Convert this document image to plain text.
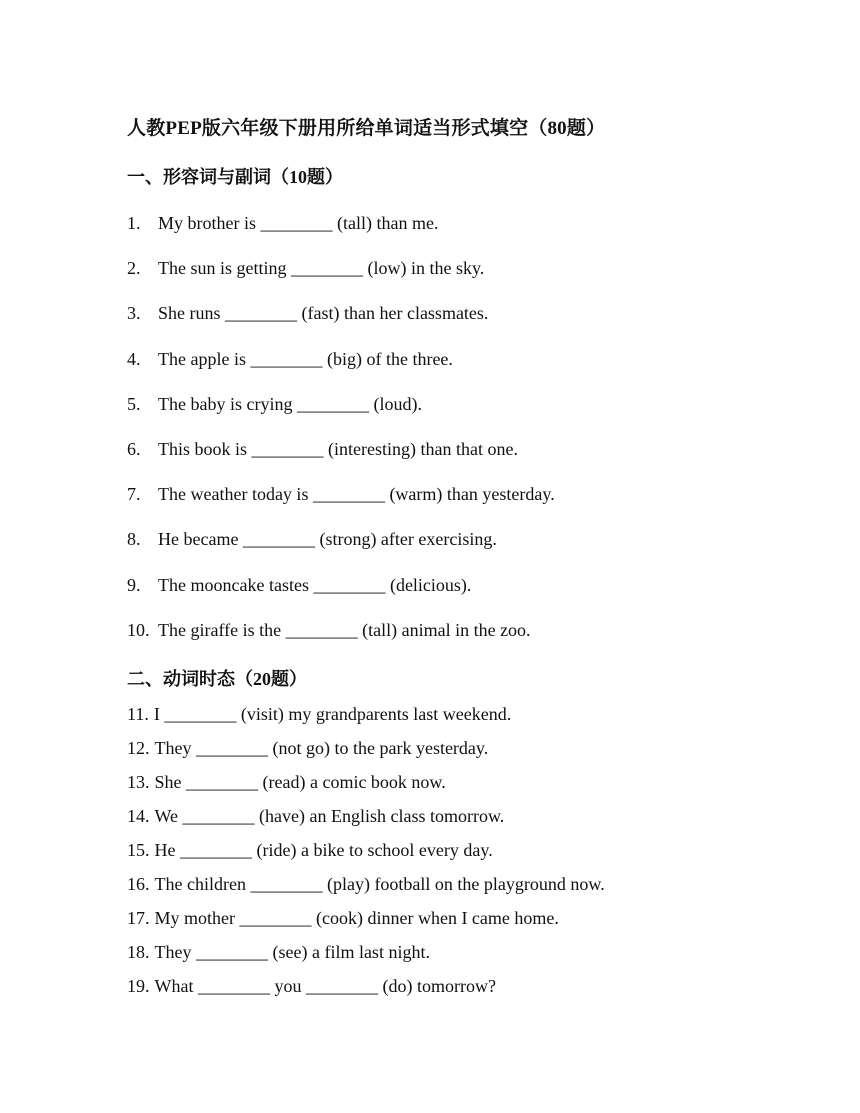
人教PEP版六年级下册用所给单词适当形式填空（80题）
一、形容词与副词（10题）
1. My brother is ________ (tall) than me.
2. The sun is getting ________ (low) in the sky.
3. She runs ________ (fast) than her classmates.
4. The apple is ________ (big) of the three.
5. The baby is crying ________ (loud).
6. This book is ________ (interesting) than that one.
7. The weather today is ________ (warm) than yesterday.
8. He became ________ (strong) after exercising.
9. The mooncake tastes ________ (delicious).
10. The giraffe is the ________ (tall) animal in the zoo.
二、动词时态（20题）
11. I ________ (visit) my grandparents last weekend.
12. They ________ (not go) to the park yesterday.
13. She ________ (read) a comic book now.
14. We ________ (have) an English class tomorrow.
15. He ________ (ride) a bike to school every day.
16. The children ________ (play) football on the playground now.
17. My mother ________ (cook) dinner when I came home.
18. They ________ (see) a film last night.
19. What ________ you ________ (do) tomorrow?
